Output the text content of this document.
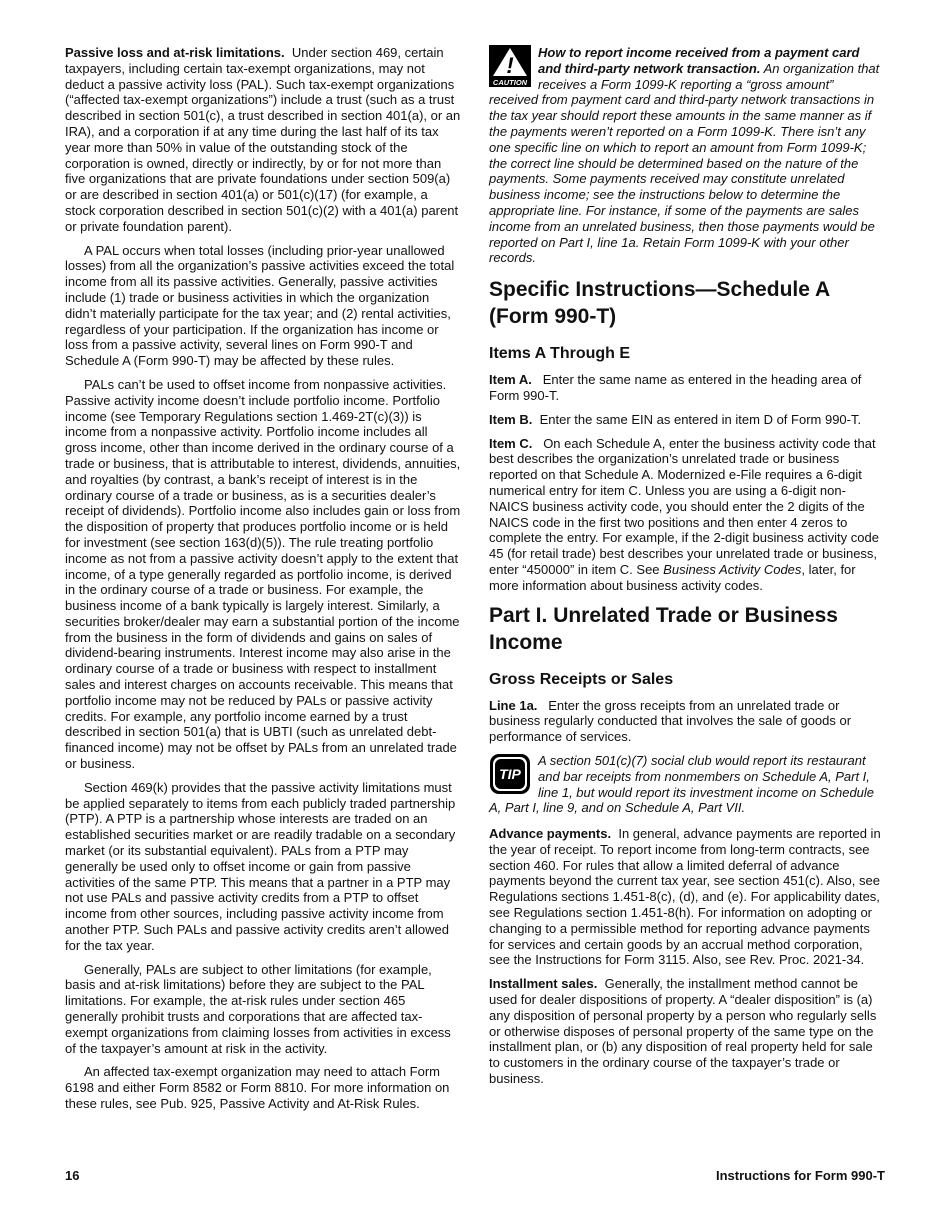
Passive loss and at-risk limitations. Under section 469, certain taxpayers, including certain tax-exempt organizations, may not deduct a passive activity loss (PAL). Such tax-exempt organizations (“affected tax-exempt organizations”) include a trust (such as a trust described in section 501(c), a trust described in section 401(a), or an IRA), and a corporation if at any time during the last half of its tax year more than 50% in value of the outstanding stock of the corporation is owned, directly or indirectly, by or for not more than five organizations that are private foundations under section 509(a) or are described in section 401(a) or 501(c)(17) (for example, a stock corporation described in section 501(c)(2) with a 401(a) parent or private foundation parent).

A PAL occurs when total losses (including prior-year unallowed losses) from all the organization’s passive activities exceed the total income from all its passive activities. Generally, passive activities include (1) trade or business activities in which the organization didn’t materially participate for the tax year; and (2) rental activities, regardless of your participation. If the organization has income or loss from a passive activity, several lines on Form 990-T and Schedule A (Form 990-T) may be affected by these rules.

PALs can’t be used to offset income from nonpassive activities. Passive activity income doesn’t include portfolio income. Portfolio income (see Temporary Regulations section 1.469-2T(c)(3)) is income from a nonpassive activity. Portfolio income includes all gross income, other than income derived in the ordinary course of a trade or business, that is attributable to interest, dividends, annuities, and royalties (by contrast, a bank’s receipt of interest is in the ordinary course of a trade or business, as is a securities dealer’s receipt of dividends). Portfolio income also includes gain or loss from the disposition of property that produces portfolio income or is held for investment (see section 163(d)(5)). The rule treating portfolio income as not from a passive activity doesn’t apply to the extent that income, of a type generally regarded as portfolio income, is derived in the ordinary course of a trade or business. For example, the business income of a bank typically is largely interest. Similarly, a securities broker/dealer may earn a substantial portion of the income from the business in the form of dividends and gains on sales of dividend-bearing instruments. Interest income may also arise in the ordinary course of a trade or business with respect to installment sales and interest charges on accounts receivable. This means that portfolio income may not be reduced by PALs or passive activity credits. For example, any portfolio income earned by a trust described in section 501(a) that is UBTI (such as unrelated debt-financed income) may not be offset by PALs from an unrelated trade or business.

Section 469(k) provides that the passive activity limitations must be applied separately to items from each publicly traded partnership (PTP). A PTP is a partnership whose interests are traded on an established securities market or are readily tradable on a secondary market (or its substantial equivalent). PALs from a PTP may generally be used only to offset income or gain from passive activities of the same PTP. This means that a partner in a PTP may not use PALs and passive activity credits from a PTP to offset income from other sources, including passive activity income from another PTP. Such PALs and passive activity credits aren’t allowed for the tax year.

Generally, PALs are subject to other limitations (for example, basis and at-risk limitations) before they are subject to the PAL limitations. For example, the at-risk rules under section 465 generally prohibit trusts and corporations that are affected tax-exempt organizations from claiming losses from activities in excess of the taxpayer’s amount at risk in the activity.

An affected tax-exempt organization may need to attach Form 6198 and either Form 8582 or Form 8810. For more information on these rules, see Pub. 925, Passive Activity and At-Risk Rules.

!
CAUTION
How to report income received from a payment card and third-party network transaction. An organization that receives a Form 1099-K reporting a “gross amount” received from payment card and third-party network transactions in the tax year should report these amounts in the same manner as if the payments weren’t reported on a Form 1099-K. There isn’t any one specific line on which to report an amount from Form 1099-K; the correct line should be determined based on the nature of the payments. Some payments received may constitute unrelated business income; see the instructions below to determine the appropriate line. For instance, if some of the payments are sales income from an unrelated business, then those payments would be reported on Part I, line 1a. Retain Form 1099-K with your other records.
Specific Instructions—Schedule A (Form 990-T)
Items A Through E

Item A. Enter the same name as entered in the heading area of Form 990-T.

Item B. Enter the same EIN as entered in item D of Form 990-T.

Item C. On each Schedule A, enter the business activity code that best describes the organization’s unrelated trade or business reported on that Schedule A. Modernized e-File requires a 6-digit numerical entry for item C. Unless you are using a 6-digit non-NAICS business activity code, you should enter the 2 digits of the NAICS code in the first two positions and then enter 4 zeros to complete the entry. For example, if the 2-digit business activity code 45 (for retail trade) best describes your unrelated trade or business, enter “450000” in item C. See Business Activity Codes, later, for more information about business activity codes.

Part I. Unrelated Trade or Business Income
Gross Receipts or Sales

Line 1a. Enter the gross receipts from an unrelated trade or business regularly conducted that involves the sale of goods or performance of services.

TIP
A section 501(c)(7) social club would report its restaurant and bar receipts from nonmembers on Schedule A, Part I, line 1, but would report its investment income on Schedule A, Part I, line 9, and on Schedule A, Part VII.

Advance payments. In general, advance payments are reported in the year of receipt. To report income from long-term contracts, see section 460. For rules that allow a limited deferral of advance payments beyond the current tax year, see section 451(c). Also, see Regulations sections 1.451-8(c), (d), and (e). For applicability dates, see Regulations section 1.451-8(h). For information on adopting or changing to a permissible method for reporting advance payments for services and certain goods by an accrual method corporation, see the Instructions for Form 3115. Also, see Rev. Proc. 2021-34.

Installment sales. Generally, the installment method cannot be used for dealer dispositions of property. A “dealer disposition” is (a) any disposition of personal property by a person who regularly sells or otherwise disposes of personal property of the same type on the installment plan, or (b) any disposition of real property held for sale to customers in the ordinary course of the taxpayer’s trade or business.

16	Instructions for Form 990-T
